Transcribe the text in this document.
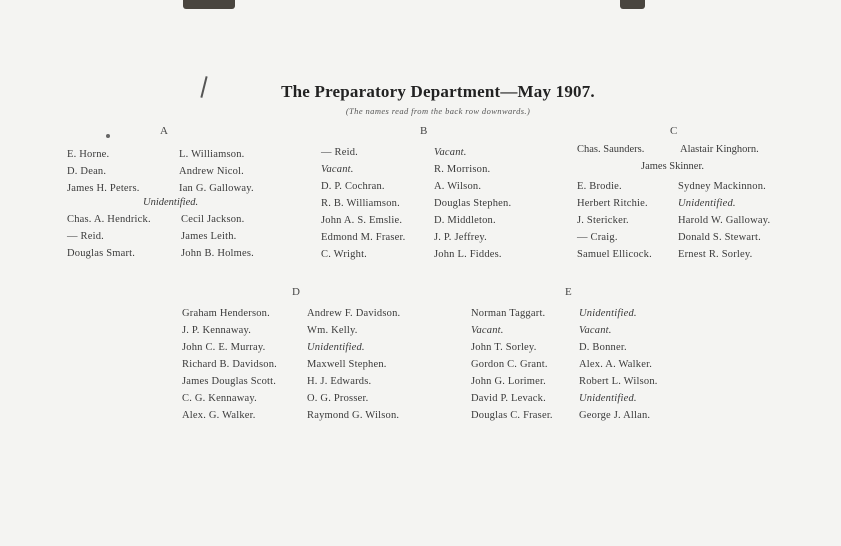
The Preparatory Department—May 1907.
(The names read from the back row downwards.)
A
E. Horne.
D. Dean.
James H. Peters.
L. Williamson.
Andrew Nicol.
Ian G. Galloway.
Unidentified.
Chas. A. Hendrick.
— Reid.
Douglas Smart.
Cecil Jackson.
James Leith.
John B. Holmes.
B
— Reid.
Vacant.
D. P. Cochran.
R. B. Williamson.
John A. S. Emslie.
Edmond M. Fraser.
C. Wright.
Vacant.
R. Morrison.
A. Wilson.
Douglas Stephen.
D. Middleton.
J. P. Jeffrey.
John L. Fiddes.
C
Chas. Saunders.	Alastair Kinghorn.
James Skinner.
E. Brodie.
Herbert Ritchie.
J. Stericker.
— Craig.
Samuel Ellicock.
Sydney Mackinnon.
Unidentified.
Harold W. Galloway.
Donald S. Stewart.
Ernest R. Sorley.
D
Graham Henderson.
J. P. Kennaway.
John C. E. Murray.
Richard B. Davidson.
James Douglas Scott.
C. G. Kennaway.
Alex. G. Walker.
Andrew F. Davidson.
Wm. Kelly.
Unidentified.
Maxwell Stephen.
H. J. Edwards.
O. G. Prosser.
Raymond G. Wilson.
E
Norman Taggart.
Vacant.
John T. Sorley.
Gordon C. Grant.
John G. Lorimer.
David P. Levack.
Douglas C. Fraser.
Unidentified.
Vacant.
D. Bonner.
Alex. A. Walker.
Robert L. Wilson.
Unidentified.
George J. Allan.
